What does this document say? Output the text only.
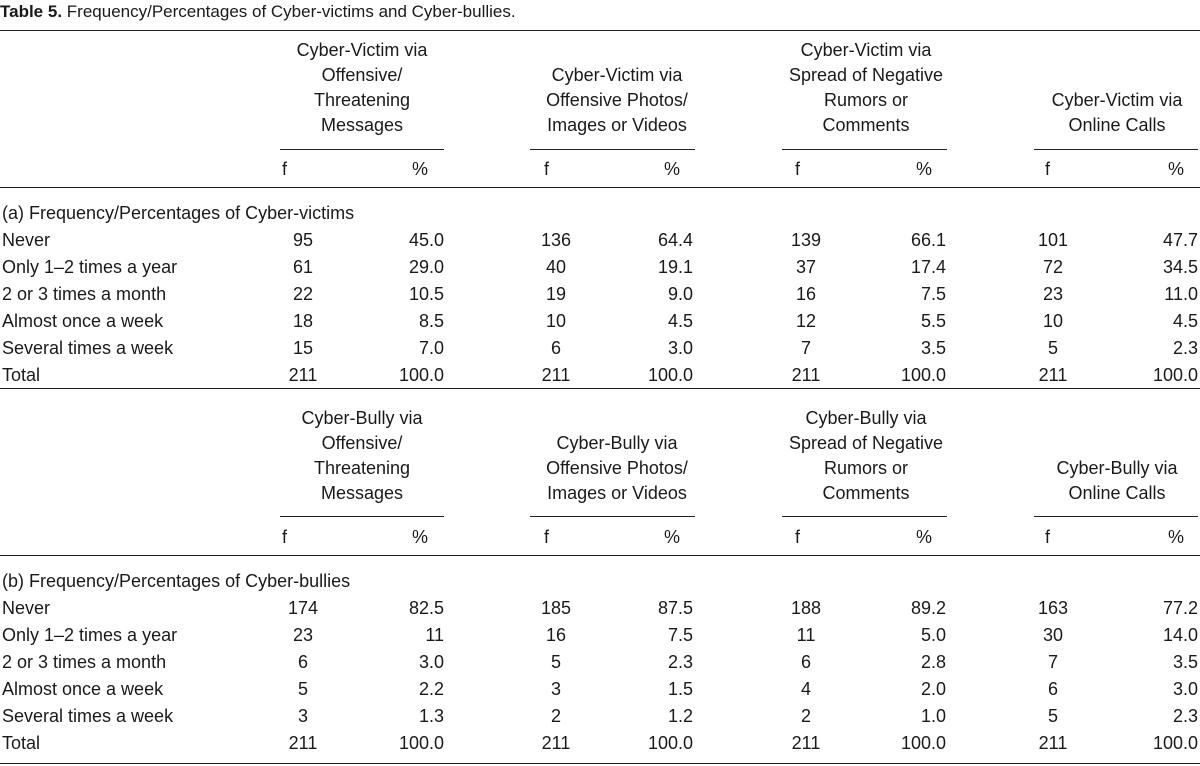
Table 5. Frequency/Percentages of Cyber-victims and Cyber-bullies.
Cyber-Victim via
Offensive/
Threatening
Messages
f	%
Cyber-Victim via
Offensive Photos/
Images or Videos
f	%
Cyber-Victim via
Spread of Negative
Rumors or
Comments
f	%
Cyber-Victim via
Online Calls
f	%
(a) Frequency/Percentages of Cyber-victims
Never	95	45.0	136	64.4	139	66.1	101	47.7
Only 1–2 times a year	61	29.0	40	19.1	37	17.4	72	34.5
2 or 3 times a month	22	10.5	19	9.0	16	7.5	23	11.0
Almost once a week	18	8.5	10	4.5	12	5.5	10	4.5
Several times a week	15	7.0	6	3.0	7	3.5	5	2.3
Total	211	100.0	211	100.0	211	100.0	211	100.0
Cyber-Bully via
Offensive/
Threatening
Messages
f	%
Cyber-Bully via
Offensive Photos/
Images or Videos
f	%
Cyber-Bully via
Spread of Negative
Rumors or
Comments
f	%
Cyber-Bully via
Online Calls
f	%
(b) Frequency/Percentages of Cyber-bullies
Never	174	82.5	185	87.5	188	89.2	163	77.2
Only 1–2 times a year	23	11	16	7.5	11	5.0	30	14.0
2 or 3 times a month	6	3.0	5	2.3	6	2.8	7	3.5
Almost once a week	5	2.2	3	1.5	4	2.0	6	3.0
Several times a week	3	1.3	2	1.2	2	1.0	5	2.3
Total	211	100.0	211	100.0	211	100.0	211	100.0
